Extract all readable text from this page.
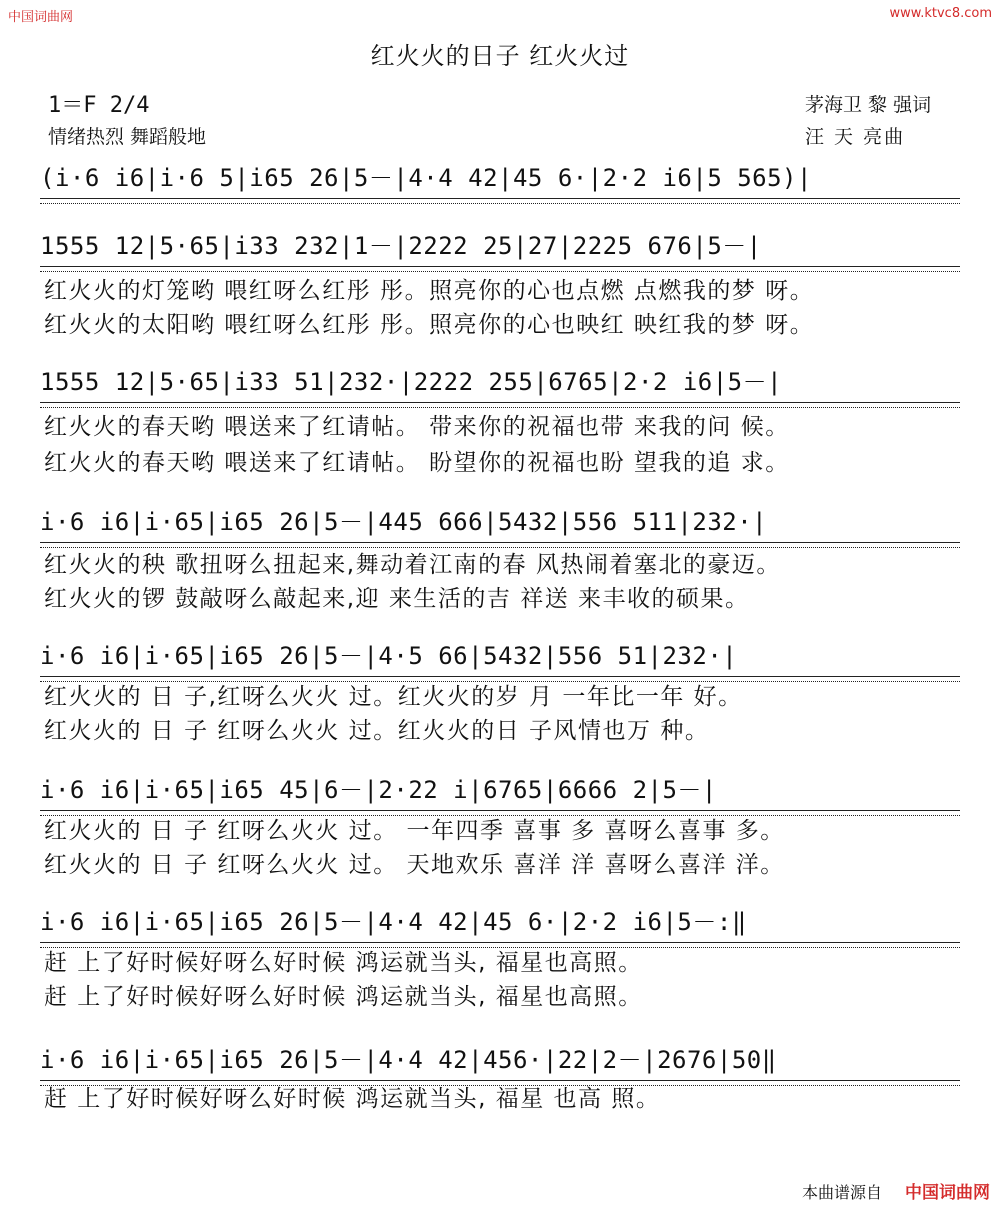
中国词曲网	www.ktvc8.com
红火火的日子 红火火过
1＝F 2/4
情绪热烈 舞蹈般地
茅海卫 黎 强词
汪 天 亮曲
(i·6 i6|i·6 5|i65 26|5－|4·4 42|45 6·|2·2 i6|5 565)|
1555 12|5·65|i33 232|1－|2222 25|27|2225 676|5－|
红火火的灯笼哟 喂红呀么红彤 彤。照亮你的心也点燃 点燃我的梦 呀。
红火火的太阳哟 喂红呀么红彤 彤。照亮你的心也映红 映红我的梦 呀。
1555 12|5·65|i33 51|232·|2222 255|6765|2·2 i6|5－|
红火火的春天哟 喂送来了红请帖。 带来你的祝福也带 来我的问 候。
红火火的春天哟 喂送来了红请帖。 盼望你的祝福也盼 望我的追 求。
i·6 i6|i·65|i65 26|5－|445 666|5432|556 511|232·|
红火火的秧 歌扭呀么扭起来,舞动着江南的春 风热闹着塞北的豪迈。
红火火的锣 鼓敲呀么敲起来,迎 来生活的吉 祥送 来丰收的硕果。
i·6 i6|i·65|i65 26|5－|4·5 66|5432|556 51|232·|
红火火的 日 子,红呀么火火 过。红火火的岁 月 一年比一年 好。
红火火的 日 子 红呀么火火 过。红火火的日 子风情也万 种。
i·6 i6|i·65|i65 45|6－|2·22 i|6765|6666 2|5－|
红火火的 日 子 红呀么火火 过。 一年四季 喜事 多 喜呀么喜事 多。
红火火的 日 子 红呀么火火 过。 天地欢乐 喜洋 洋 喜呀么喜洋 洋。
i·6 i6|i·65|i65 26|5－|4·4 42|45 6·|2·2 i6|5－:‖
赶 上了好时候好呀么好时候 鸿运就当头, 福星也高照。
赶 上了好时候好呀么好时候 鸿运就当头, 福星也高照。
i·6 i6|i·65|i65 26|5－|4·4 42|456·|22|2－|2676|50‖
赶 上了好时候好呀么好时候 鸿运就当头, 福星 也高 照。
本曲谱源自 中国词曲网
